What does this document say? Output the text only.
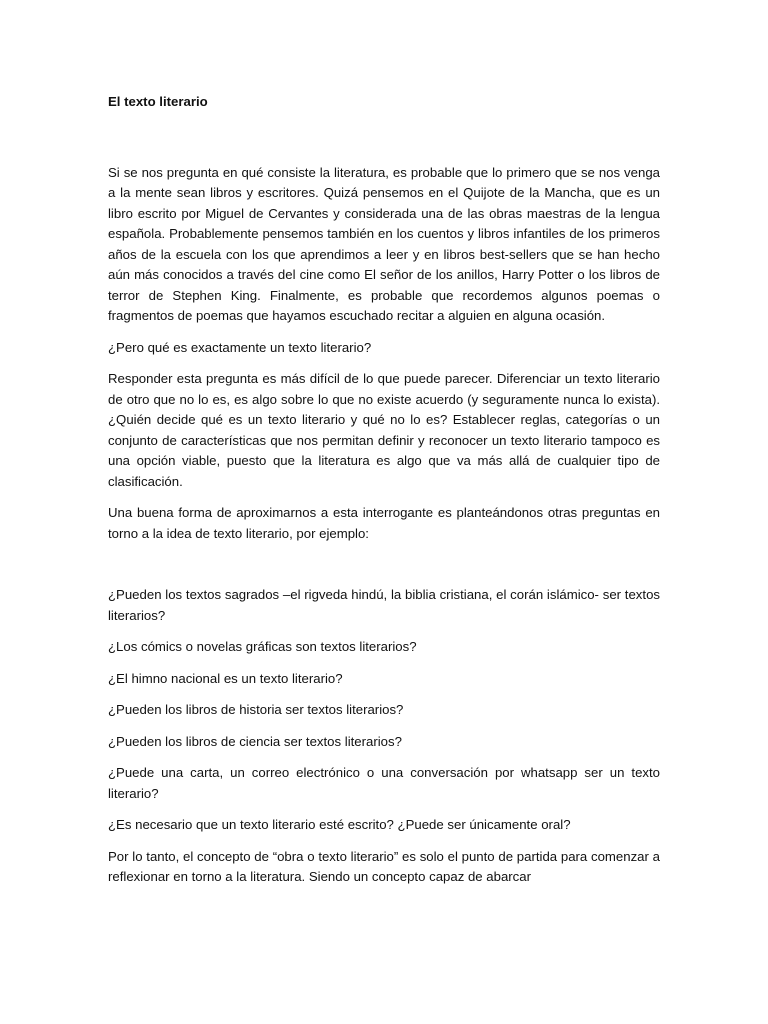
El texto literario

Si se nos pregunta en qué consiste la literatura, es probable que lo primero que se nos venga a la mente sean libros y escritores. Quizá pensemos en el Quijote de la Mancha, que es un libro escrito por Miguel de Cervantes y considerada una de las obras maestras de la lengua española. Probablemente pensemos también en los cuentos y libros infantiles de los primeros años de la escuela con los que aprendimos a leer y en libros best-sellers que se han hecho aún más conocidos a través del cine como El señor de los anillos, Harry Potter o los libros de terror de Stephen King. Finalmente, es probable que recordemos algunos poemas o fragmentos de poemas que hayamos escuchado recitar a alguien en alguna ocasión.

¿Pero qué es exactamente un texto literario?

Responder esta pregunta es más difícil de lo que puede parecer. Diferenciar un texto literario de otro que no lo es, es algo sobre lo que no existe acuerdo (y seguramente nunca lo exista). ¿Quién decide qué es un texto literario y qué no lo es? Establecer reglas, categorías o un conjunto de características que nos permitan definir y reconocer un texto literario tampoco es una opción viable, puesto que la literatura es algo que va más allá de cualquier tipo de clasificación.

Una buena forma de aproximarnos a esta interrogante es planteándonos otras preguntas en torno a la idea de texto literario, por ejemplo:

¿Pueden los textos sagrados –el rigveda hindú, la biblia cristiana, el corán islámico- ser textos literarios?
¿Los cómics o novelas gráficas son textos literarios?
¿El himno nacional es un texto literario?
¿Pueden los libros de historia ser textos literarios?
¿Pueden los libros de ciencia ser textos literarios?
¿Puede una carta, un correo electrónico o una conversación por whatsapp ser un texto literario?
¿Es necesario que un texto literario esté escrito? ¿Puede ser únicamente oral?

Por lo tanto, el concepto de “obra o texto literario” es solo el punto de partida para comenzar a reflexionar en torno a la literatura. Siendo un concepto capaz de abarcar
